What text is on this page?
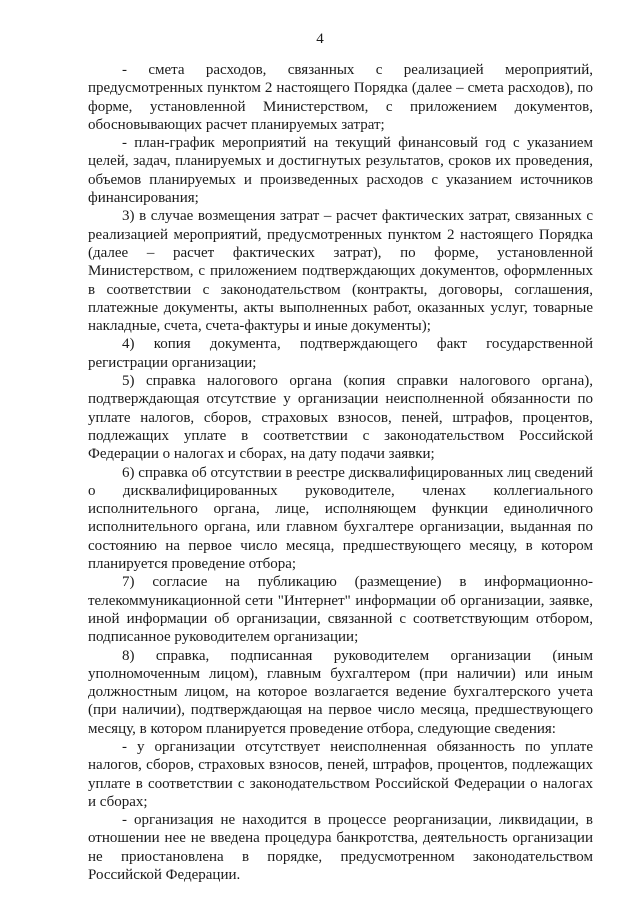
4

- смета расходов, связанных с реализацией мероприятий, предусмотренных пунктом 2 настоящего Порядка (далее – смета расходов), по форме, установленной Министерством, с приложением документов, обосновывающих расчет планируемых затрат;

- план-график мероприятий на текущий финансовый год с указанием целей, задач, планируемых и достигнутых результатов, сроков их проведения, объемов планируемых и произведенных расходов с указанием источников финансирования;

3) в случае возмещения затрат – расчет фактических затрат, связанных с реализацией мероприятий, предусмотренных пунктом 2 настоящего Порядка (далее – расчет фактических затрат), по форме, установленной Министерством, с приложением подтверждающих документов, оформленных в соответствии с законодательством (контракты, договоры, соглашения, платежные документы, акты выполненных работ, оказанных услуг, товарные накладные, счета, счета-фактуры и иные документы);

4) копия документа, подтверждающего факт государственной регистрации организации;

5) справка налогового органа (копия справки налогового органа), подтверждающая отсутствие у организации неисполненной обязанности по уплате налогов, сборов, страховых взносов, пеней, штрафов, процентов, подлежащих уплате в соответствии с законодательством Российской Федерации о налогах и сборах, на дату подачи заявки;

6) справка об отсутствии в реестре дисквалифицированных лиц сведений о дисквалифицированных руководителе, членах коллегиального исполнительного органа, лице, исполняющем функции единоличного исполнительного органа, или главном бухгалтере организации, выданная по состоянию на первое число месяца, предшествующего месяцу, в котором планируется проведение отбора;

7) согласие на публикацию (размещение) в информационно-телекоммуникационной сети "Интернет" информации об организации, заявке, иной информации об организации, связанной с соответствующим отбором, подписанное руководителем организации;

8) справка, подписанная руководителем организации (иным уполномоченным лицом), главным бухгалтером (при наличии) или иным должностным лицом, на которое возлагается ведение бухгалтерского учета (при наличии), подтверждающая на первое число месяца, предшествующего месяцу, в котором планируется проведение отбора, следующие сведения:

- у организации отсутствует неисполненная обязанность по уплате налогов, сборов, страховых взносов, пеней, штрафов, процентов, подлежащих уплате в соответствии с законодательством Российской Федерации о налогах и сборах;

- организация не находится в процессе реорганизации, ликвидации, в отношении нее не введена процедура банкротства, деятельность организации не приостановлена в порядке, предусмотренном законодательством Российской Федерации.
